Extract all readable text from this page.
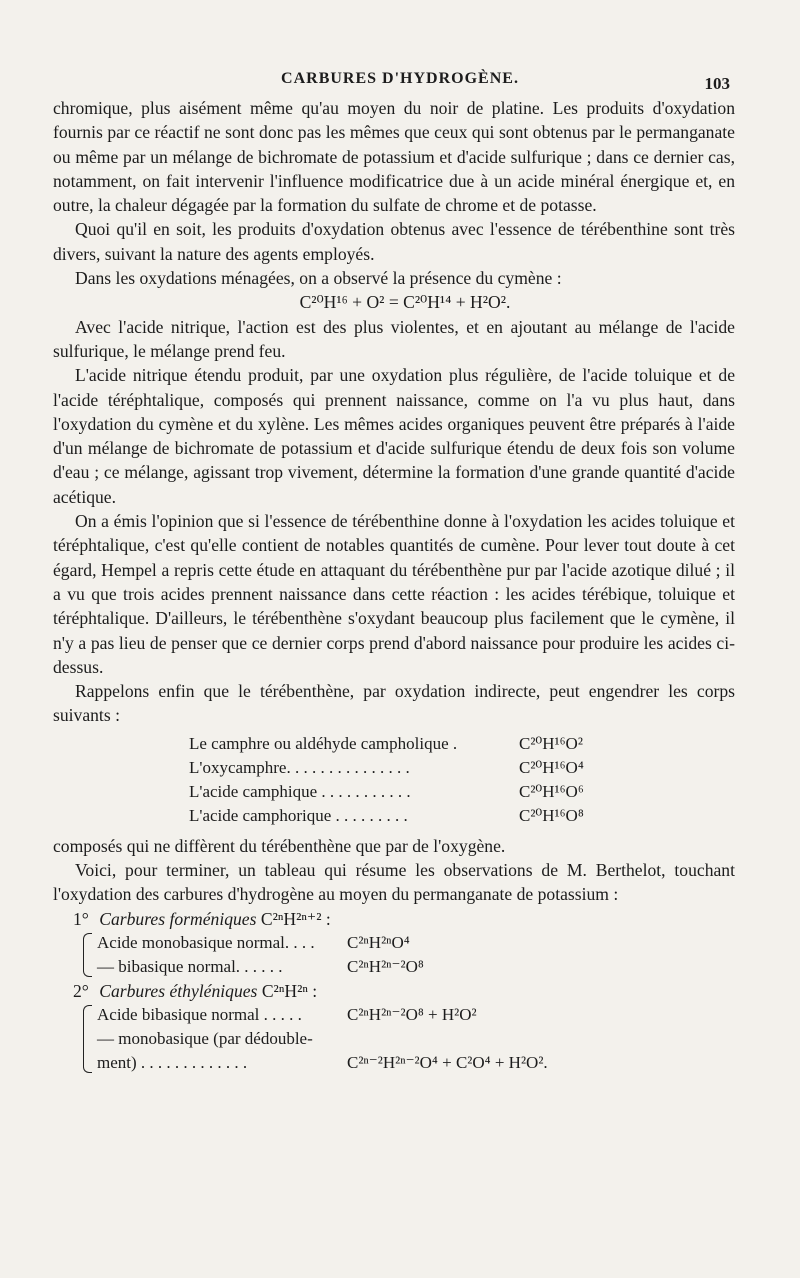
CARBURES D'HYDROGÈNE.	103

chromique, plus aisément même qu'au moyen du noir de platine. Les produits d'oxydation fournis par ce réactif ne sont donc pas les mêmes que ceux qui sont obtenus par le permanganate ou même par un mélange de bichromate de potassium et d'acide sulfurique ; dans ce dernier cas, notamment, on fait intervenir l'influence modificatrice due à un acide minéral énergique et, en outre, la chaleur dégagée par la formation du sulfate de chrome et de potasse.

Quoi qu'il en soit, les produits d'oxydation obtenus avec l'essence de térébenthine sont très divers, suivant la nature des agents employés.

Dans les oxydations ménagées, on a observé la présence du cymène :

C²⁰H¹⁶ + O² = C²⁰H¹⁴ + H²O².

Avec l'acide nitrique, l'action est des plus violentes, et en ajoutant au mélange de l'acide sulfurique, le mélange prend feu.

L'acide nitrique étendu produit, par une oxydation plus régulière, de l'acide toluique et de l'acide téréphtalique, composés qui prennent naissance, comme on l'a vu plus haut, dans l'oxydation du cymène et du xylène. Les mêmes acides organiques peuvent être préparés à l'aide d'un mélange de bichromate de potassium et d'acide sulfurique étendu de deux fois son volume d'eau ; ce mélange, agissant trop vivement, détermine la formation d'une grande quantité d'acide acétique.

On a émis l'opinion que si l'essence de térébenthine donne à l'oxydation les acides toluique et téréphtalique, c'est qu'elle contient de notables quantités de cumène. Pour lever tout doute à cet égard, Hempel a repris cette étude en attaquant du térébenthène pur par l'acide azotique dilué ; il a vu que trois acides prennent naissance dans cette réaction : les acides térébique, toluique et téréphtalique. D'ailleurs, le térébenthène s'oxydant beaucoup plus facilement que le cymène, il n'y a pas lieu de penser que ce dernier corps prend d'abord naissance pour produire les acides ci-dessus.

Rappelons enfin que le térébenthène, par oxydation indirecte, peut engendrer les corps suivants :

Le camphre ou aldéhyde campholique .	C²⁰H¹⁶O²
L'oxycamphre. . . . . . . . . . . . . . .	C²⁰H¹⁶O⁴
L'acide camphique . . . . . . . . . . .	C²⁰H¹⁶O⁶
L'acide camphorique . . . . . . . . .	C²⁰H¹⁶O⁸

composés qui ne diffèrent du térébenthène que par de l'oxygène.

Voici, pour terminer, un tableau qui résume les observations de M. Berthelot, touchant l'oxydation des carbures d'hydrogène au moyen du permanganate de potassium :

1° Carbures forméniques C²ⁿH²ⁿ⁺² :
Acide monobasique normal. . . .	C²ⁿH²ⁿO⁴
— bibasique normal. . . . . .	C²ⁿH²ⁿ⁻²O⁸
2° Carbures éthyléniques C²ⁿH²ⁿ :
Acide bibasique normal . . . . .	C²ⁿH²ⁿ⁻²O⁸ + H²O²
— monobasique (par dédouble-
ment) . . . . . . . . . . . . .	C²ⁿ⁻²H²ⁿ⁻²O⁴ + C²O⁴ + H²O².
